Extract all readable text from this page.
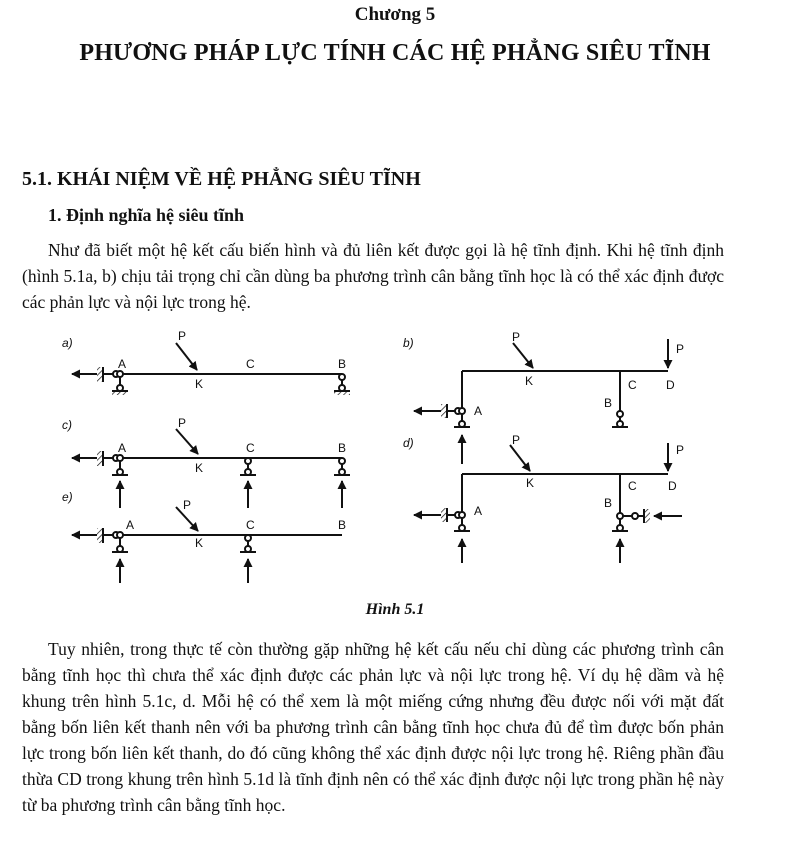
Chương 5
PHƯƠNG PHÁP LỰC TÍNH CÁC HỆ PHẲNG SIÊU TĨNH
5.1. KHÁI NIỆM VỀ HỆ PHẲNG SIÊU TĨNH
1. Định nghĩa hệ siêu tĩnh

Như đã biết một hệ kết cấu biến hình và đủ liên kết được gọi là hệ tĩnh định. Khi hệ tĩnh định (hình 5.1a, b) chịu tải trọng chỉ cần dùng ba phương trình cân bằng tĩnh học là có thể xác định được các phản lực và nội lực trong hệ.

a)
A
P
K
C	B
c)
A
P
K
C	B
e)
A
P
K
C	B
b)
A
P
K	C
B
D
P
d)
A
P
K	C
B
D
P
Hình 5.1

Tuy nhiên, trong thực tế còn thường gặp những hệ kết cấu nếu chỉ dùng các phương trình cân bằng tĩnh học thì chưa thể xác định được các phản lực và nội lực trong hệ. Ví dụ hệ dầm và hệ khung trên hình 5.1c, d. Mỗi hệ có thể xem là một miếng cứng nhưng đều được nối với mặt đất bằng bốn liên kết thanh nên với ba phương trình cân bằng tĩnh học chưa đủ để tìm được bốn phản lực trong bốn liên kết thanh, do đó cũng không thể xác định được nội lực trong hệ. Riêng phần đầu thừa CD trong khung trên hình 5.1d là tĩnh định nên có thể xác định được nội lực trong phần hệ này từ ba phương trình cân bằng tĩnh học.
